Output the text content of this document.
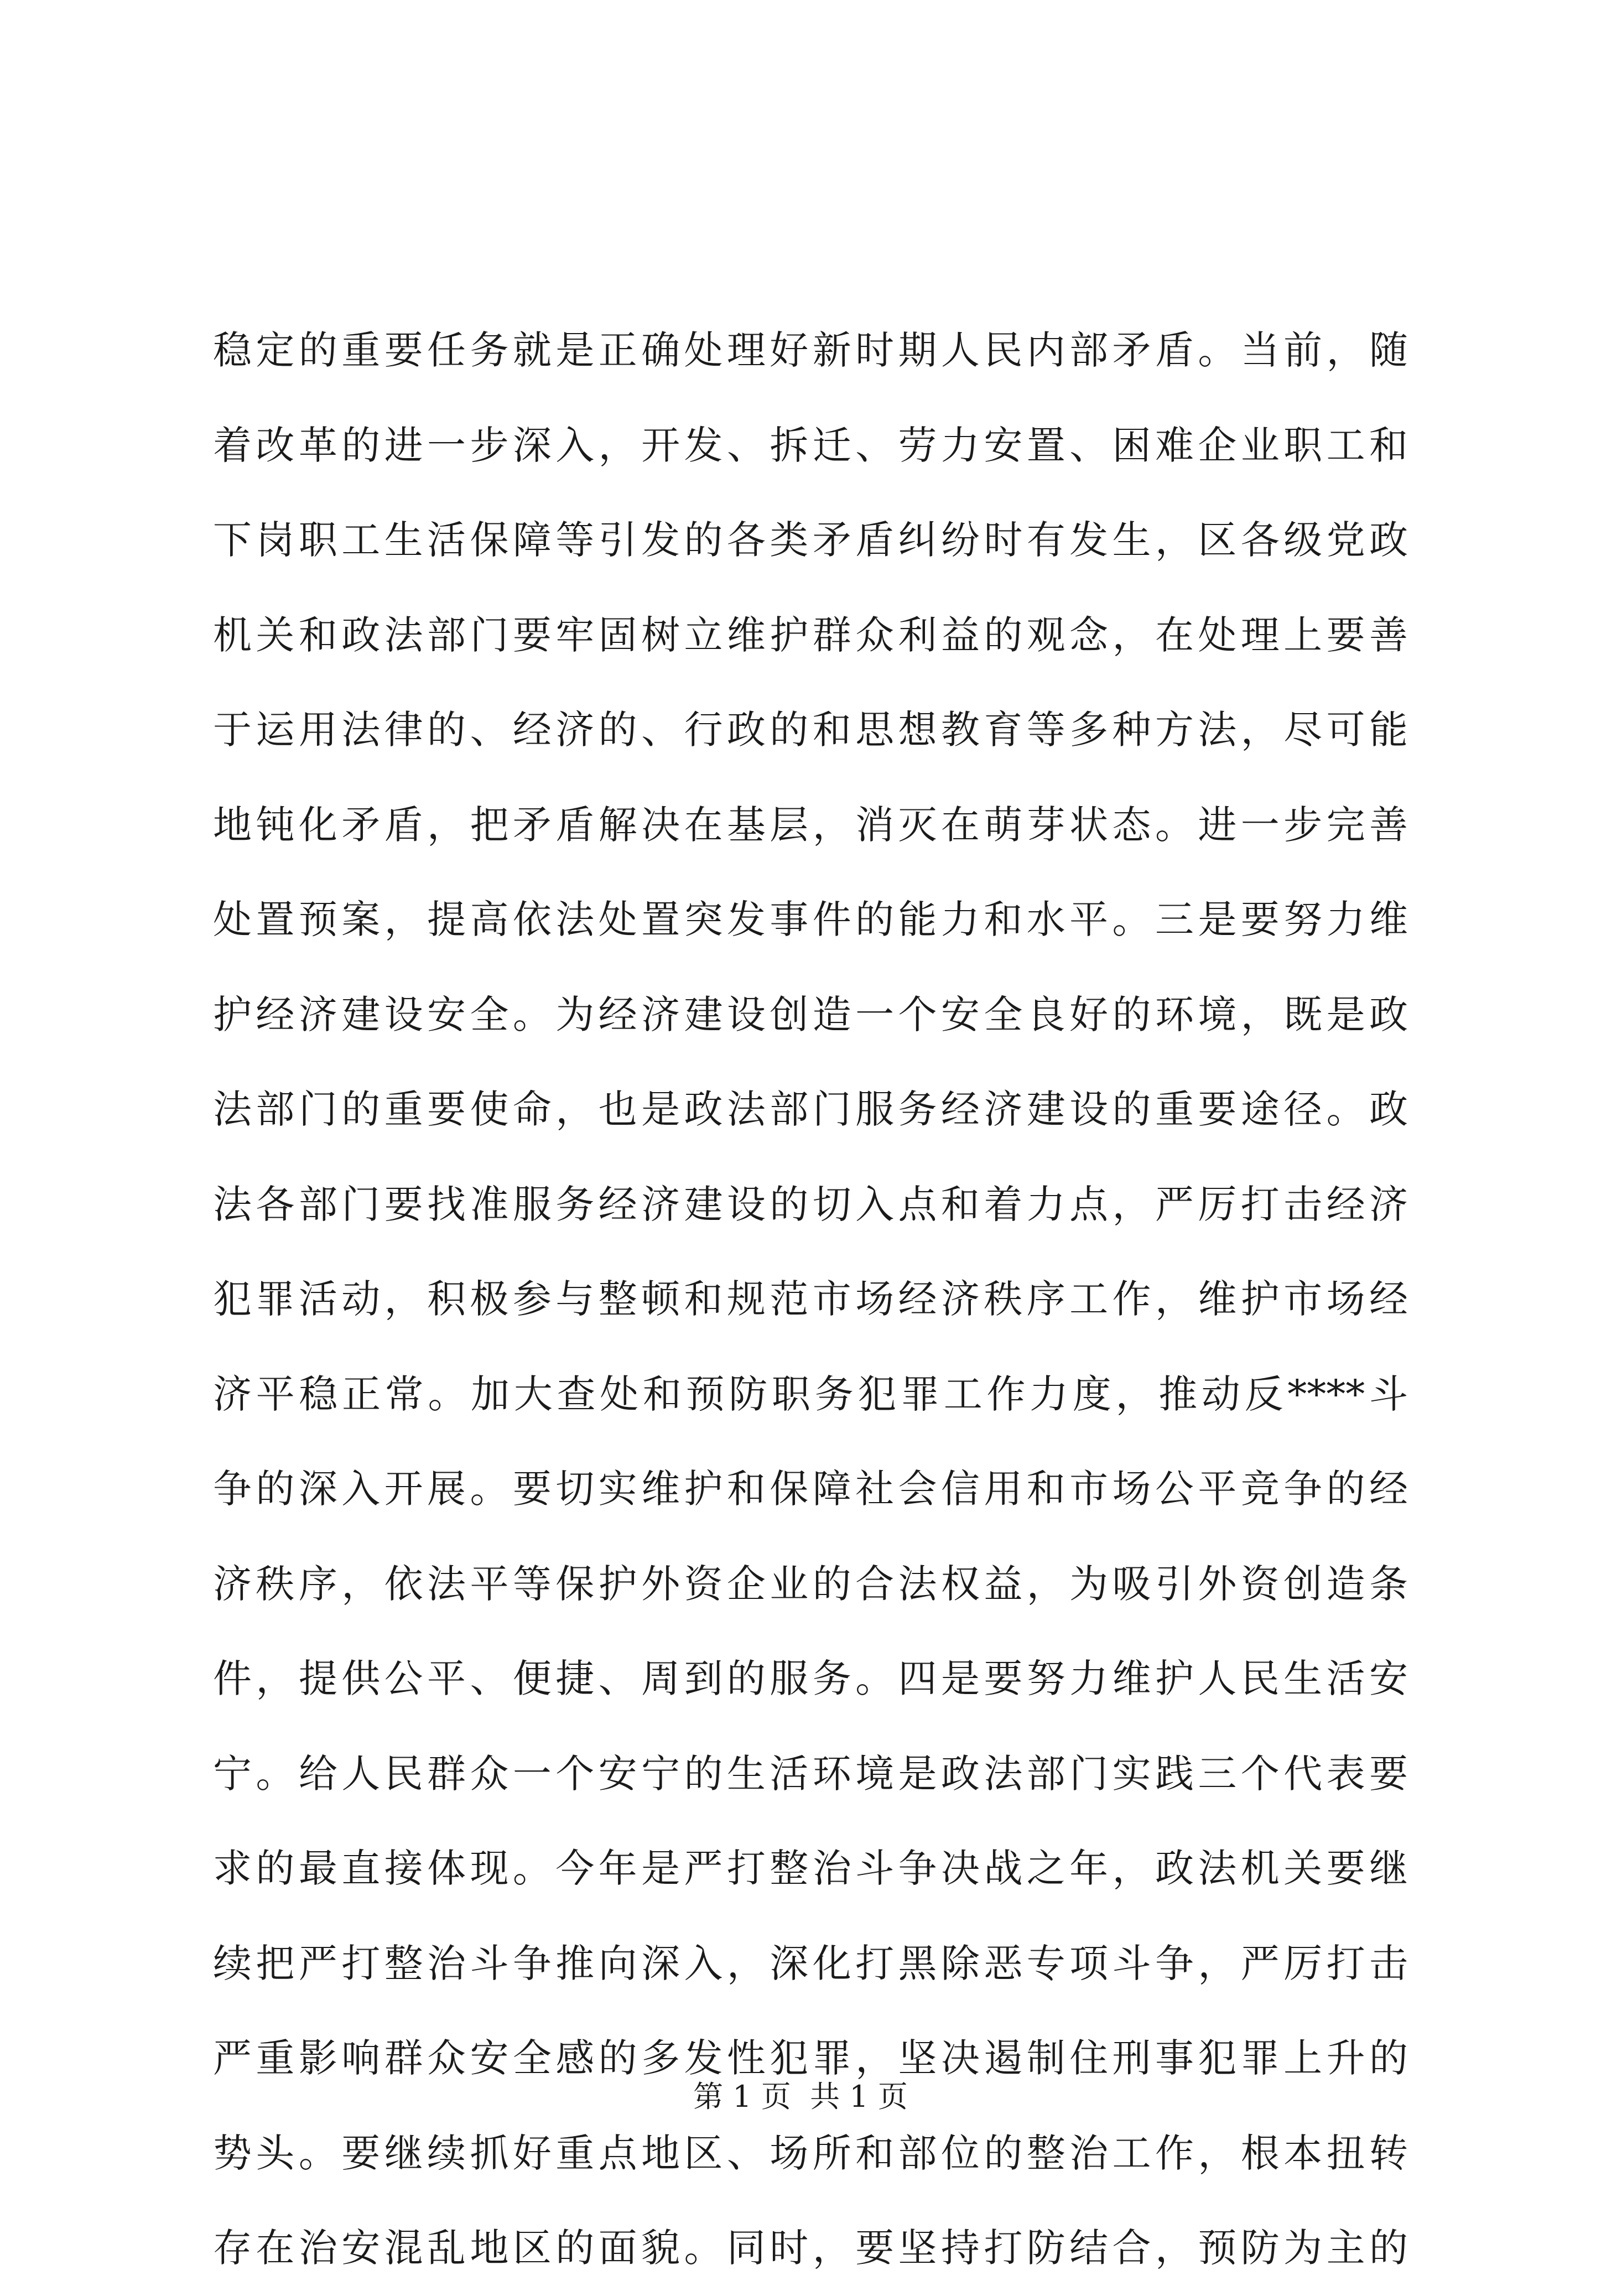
稳定的重要任务就是正确处理好新时期人民内部矛盾。当前，随
着改革的进一步深入，开发、拆迁、劳力安置、困难企业职工和
下岗职工生活保障等引发的各类矛盾纠纷时有发生，区各级党政
机关和政法部门要牢固树立维护群众利益的观念，在处理上要善
于运用法律的、经济的、行政的和思想教育等多种方法，尽可能
地钝化矛盾，把矛盾解决在基层，消灭在萌芽状态。进一步完善
处置预案，提高依法处置突发事件的能力和水平。三是要努力维
护经济建设安全。为经济建设创造一个安全良好的环境，既是政
法部门的重要使命，也是政法部门服务经济建设的重要途径。政
法各部门要找准服务经济建设的切入点和着力点，严厉打击经济
犯罪活动，积极参与整顿和规范市场经济秩序工作，维护市场经
济平稳正常。加大查处和预防职务犯罪工作力度，推动反****斗
争的深入开展。要切实维护和保障社会信用和市场公平竞争的经
济秩序，依法平等保护外资企业的合法权益，为吸引外资创造条
件，提供公平、便捷、周到的服务。四是要努力维护人民生活安
宁。给人民群众一个安宁的生活环境是政法部门实践三个代表要
求的最直接体现。今年是严打整治斗争决战之年，政法机关要继
续把严打整治斗争推向深入，深化打黑除恶专项斗争，严厉打击
严重影响群众安全感的多发性犯罪，坚决遏制住刑事犯罪上升的
势头。要继续抓好重点地区、场所和部位的整治工作，根本扭转
存在治安混乱地区的面貌。同时，要坚持打防结合，预防为主的
第 1 页  共 1 页
